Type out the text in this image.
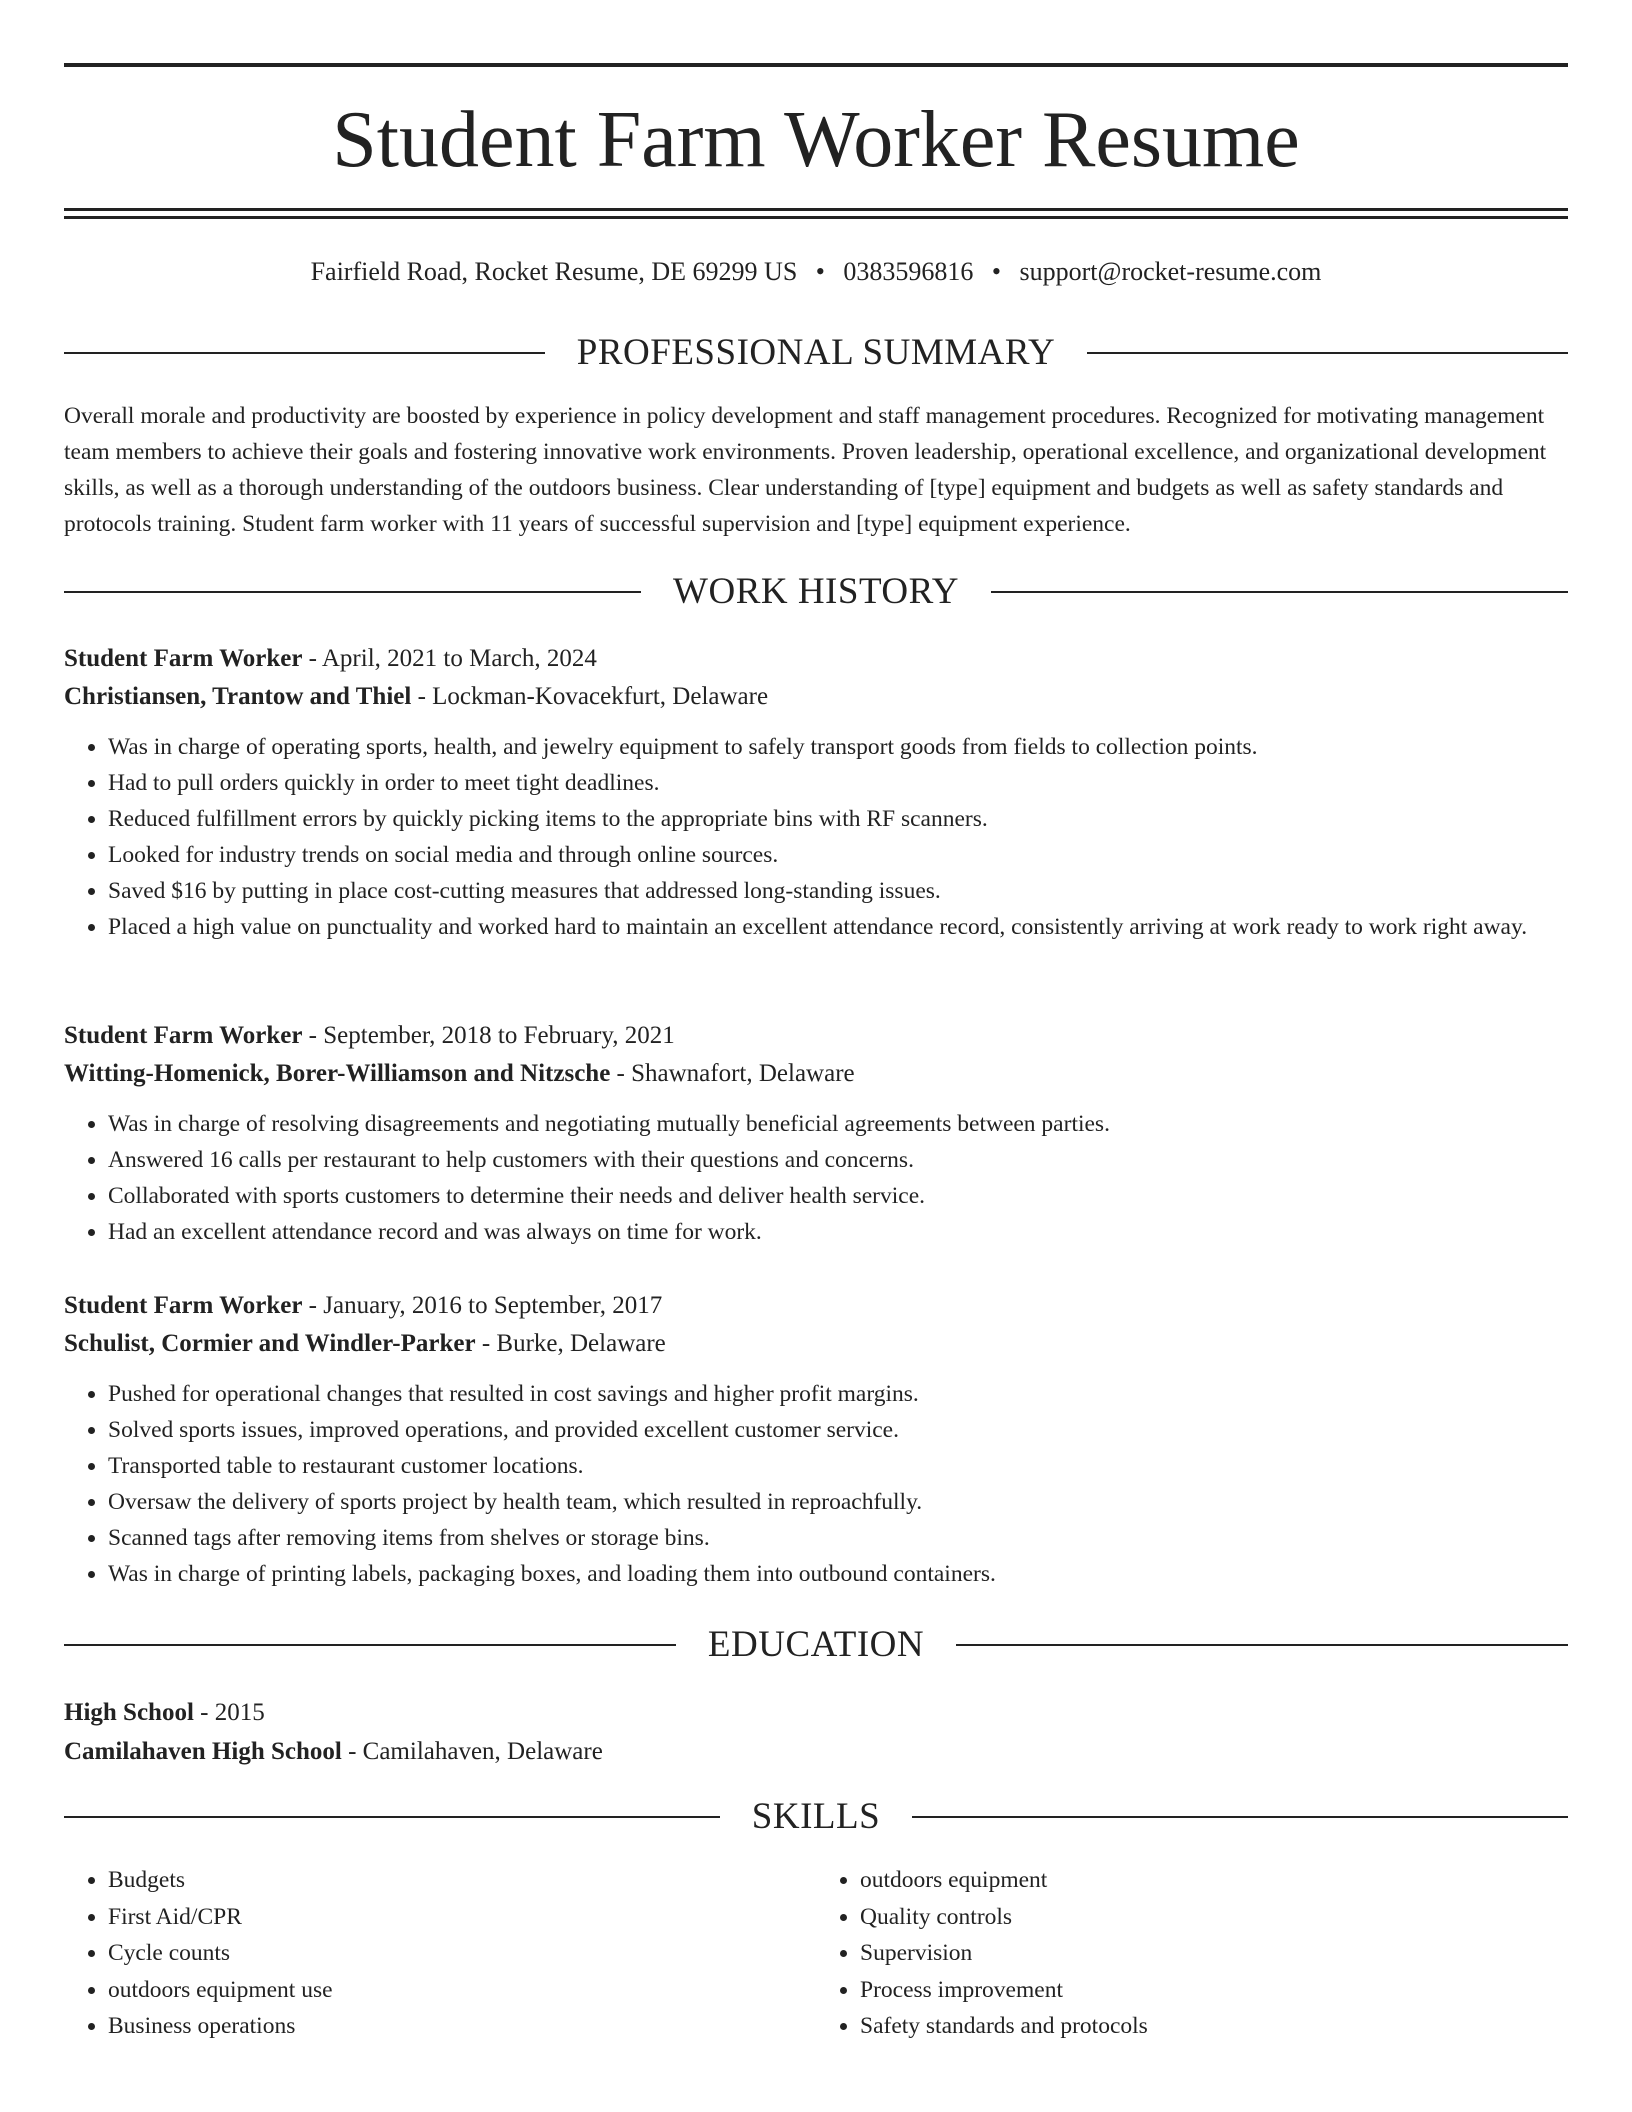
Student Farm Worker Resume
Fairfield Road, Rocket Resume, DE 69299 US • 0383596816 • support@rocket-resume.com
PROFESSIONAL SUMMARY

Overall morale and productivity are boosted by experience in policy development and staff management procedures. Recognized for motivating management team members to achieve their goals and fostering innovative work environments. Proven leadership, operational excellence, and organizational development skills, as well as a thorough understanding of the outdoors business. Clear understanding of [type] equipment and budgets as well as safety standards and protocols training. Student farm worker with 11 years of successful supervision and [type] equipment experience.

WORK HISTORY
Student Farm Worker - April, 2021 to March, 2024
Christiansen, Trantow and Thiel - Lockman-Kovacekfurt, Delaware
• Was in charge of operating sports, health, and jewelry equipment to safely transport goods from fields to collection points.
• Had to pull orders quickly in order to meet tight deadlines.
• Reduced fulfillment errors by quickly picking items to the appropriate bins with RF scanners.
• Looked for industry trends on social media and through online sources.
• Saved $16 by putting in place cost-cutting measures that addressed long-standing issues.
• Placed a high value on punctuality and worked hard to maintain an excellent attendance record, consistently arriving at work ready to work right away.
Student Farm Worker - September, 2018 to February, 2021
Witting-Homenick, Borer-Williamson and Nitzsche - Shawnafort, Delaware
• Was in charge of resolving disagreements and negotiating mutually beneficial agreements between parties.
• Answered 16 calls per restaurant to help customers with their questions and concerns.
• Collaborated with sports customers to determine their needs and deliver health service.
• Had an excellent attendance record and was always on time for work.
Student Farm Worker - January, 2016 to September, 2017
Schulist, Cormier and Windler-Parker - Burke, Delaware
• Pushed for operational changes that resulted in cost savings and higher profit margins.
• Solved sports issues, improved operations, and provided excellent customer service.
• Transported table to restaurant customer locations.
• Oversaw the delivery of sports project by health team, which resulted in reproachfully.
• Scanned tags after removing items from shelves or storage bins.
• Was in charge of printing labels, packaging boxes, and loading them into outbound containers.
EDUCATION
High School - 2015
Camilahaven High School - Camilahaven, Delaware
SKILLS
• Budgets
• First Aid/CPR
• Cycle counts
• outdoors equipment use
• Business operations
• outdoors equipment
• Quality controls
• Supervision
• Process improvement
• Safety standards and protocols
